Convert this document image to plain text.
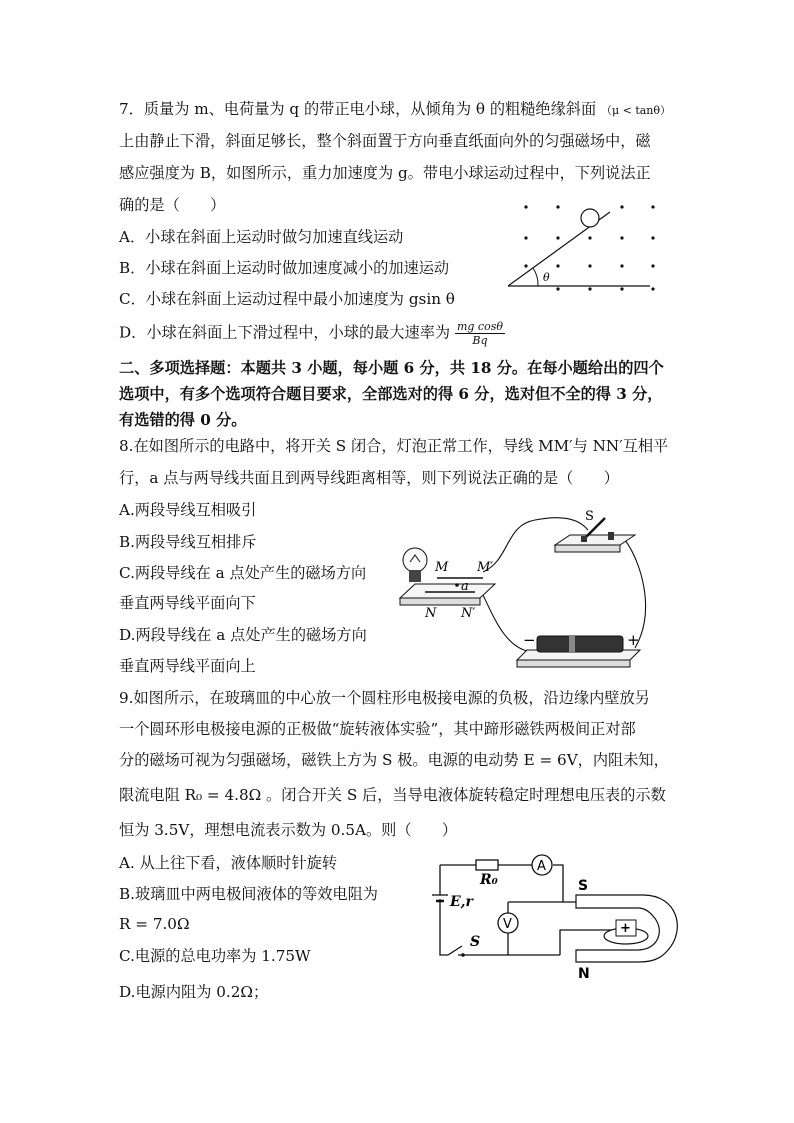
7．质量为 m、电荷量为 q 的带正电小球，从倾角为 θ 的粗糙绝缘斜面 （μ < tanθ）
上由静止下滑，斜面足够长，整个斜面置于方向垂直纸面向外的匀强磁场中，磁
感应强度为 B，如图所示，重力加速度为 g。带电小球运动过程中，下列说法正
确的是（　　）
A．小球在斜面上运动时做匀加速直线运动
B．小球在斜面上运动时做加速度减小的加速运动
C．小球在斜面上运动过程中最小加速度为 gsin θ
D．小球在斜面上下滑过程中，小球的最大速率为 $\frac{\text{mg cosθ}}{Bq}$
θ
二、多项选择题：本题共 3 小题，每小题 6 分，共 18 分。在每小题给出的四个
选项中，有多个选项符合题目要求，全部选对的得 6 分，选对但不全的得 3 分，
有选错的得 0 分。
8.在如图所示的电路中，将开关 S 闭合，灯泡正常工作，导线 MM′与 NN′互相平
行，a 点与两导线共面且到两导线距离相等，则下列说法正确的是（　　）
A.两段导线互相吸引
B.两段导线互相排斥
C.两段导线在 a 点处产生的磁场方向
垂直两导线平面向下
D.两段导线在 a 点处产生的磁场方向
垂直两导线平面向上
S
M M′
N N′
a
−	+
9.如图所示，在玻璃皿的中心放一个圆柱形电极接电源的负极，沿边缘内壁放另
一个圆环形电极接电源的正极做“旋转液体实验”，其中蹄形磁铁两极间正对部
分的磁场可视为匀强磁场，磁铁上方为 S 极。电源的电动势 E = 6V，内阻未知，
限流电阻 R₀ = 4.8Ω 。闭合开关 S 后，当导电液体旋转稳定时理想电压表的示数
恒为 3.5V，理想电流表示数为 0.5A。则（　　）
A. 从上往下看，液体顺时针旋转
B.玻璃皿中两电极间液体的等效电阻为
R = 7.0Ω
C.电源的总电功率为 1.75W
D.电源内阻为 0.2Ω；
R₀
A
E,r
S
V
S
N
+
